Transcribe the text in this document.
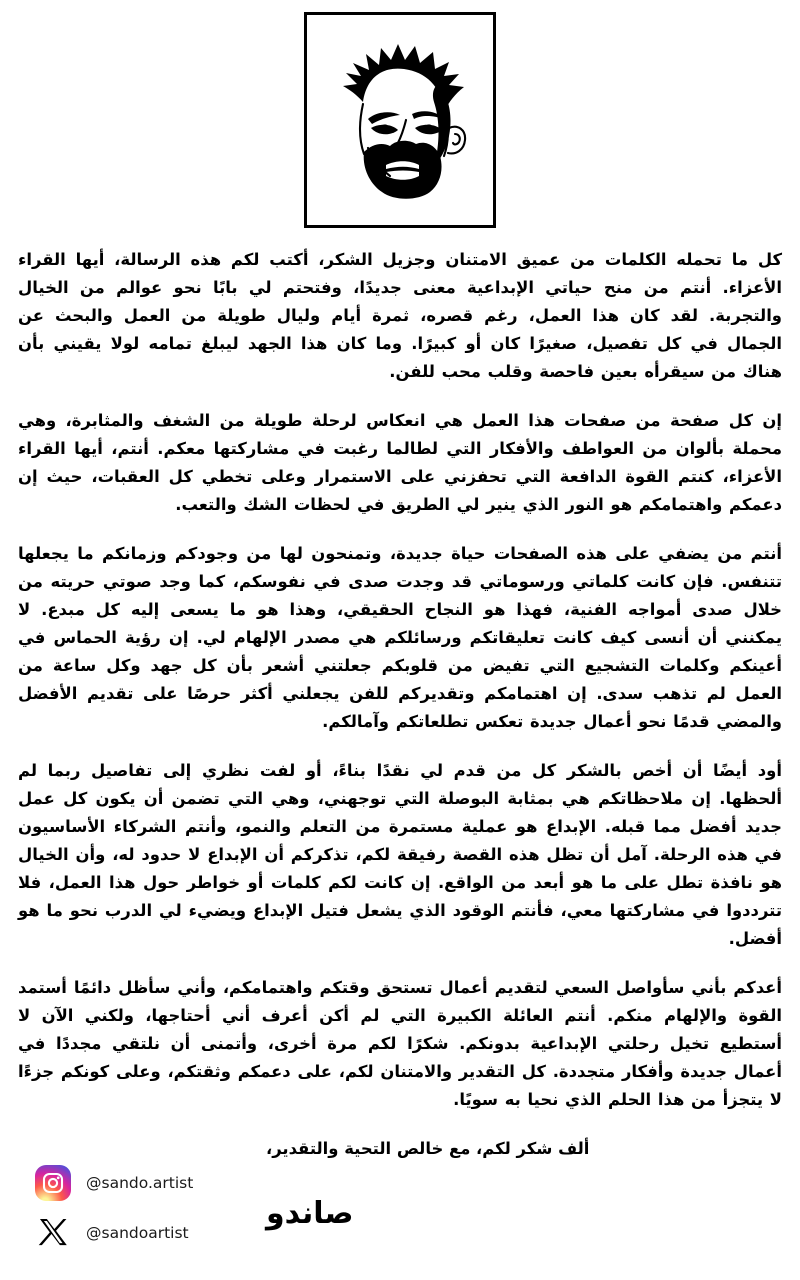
كل ما تحمله الكلمات من عميق الامتنان وجزيل الشكر، أكتب لكم هذه الرسالة، أيها القراء الأعزاء. أنتم من منح حياتي الإبداعية معنى جديدًا، وفتحتم لي بابًا نحو عوالم من الخيال والتجربة. لقد كان هذا العمل، رغم قصره، ثمرة أيام وليال طويلة من العمل والبحث عن الجمال في كل تفصيل، صغيرًا كان أو كبيرًا. وما كان هذا الجهد ليبلغ تمامه لولا يقيني بأن هناك من سيقرأه بعين فاحصة وقلب محب للفن.

إن كل صفحة من صفحات هذا العمل هي انعكاس لرحلة طويلة من الشغف والمثابرة، وهي محملة بألوان من العواطف والأفكار التي لطالما رغبت في مشاركتها معكم. أنتم، أيها القراء الأعزاء، كنتم القوة الدافعة التي تحفزني على الاستمرار وعلى تخطي كل العقبات، حيث إن دعمكم واهتمامكم هو النور الذي ينير لي الطريق في لحظات الشك والتعب.

أنتم من يضفي على هذه الصفحات حياة جديدة، وتمنحون لها من وجودكم وزمانكم ما يجعلها تتنفس. فإن كانت كلماتي ورسوماتي قد وجدت صدى في نفوسكم، كما وجد صوتي حريته من خلال صدى أمواجه الفنية، فهذا هو النجاح الحقيقي، وهذا هو ما يسعى إليه كل مبدع. لا يمكنني أن أنسى كيف كانت تعليقاتكم ورسائلكم هي مصدر الإلهام لي. إن رؤية الحماس في أعينكم وكلمات التشجيع التي تفيض من قلوبكم جعلتني أشعر بأن كل جهد وكل ساعة من العمل لم تذهب سدى. إن اهتمامكم وتقديركم للفن يجعلني أكثر حرصًا على تقديم الأفضل والمضي قدمًا نحو أعمال جديدة تعكس تطلعاتكم وآمالكم.

أود أيضًا أن أخص بالشكر كل من قدم لي نقدًا بناءً، أو لفت نظري إلى تفاصيل ربما لم ألحظها. إن ملاحظاتكم هي بمثابة البوصلة التي توجهني، وهي التي تضمن أن يكون كل عمل جديد أفضل مما قبله. الإبداع هو عملية مستمرة من التعلم والنمو، وأنتم الشركاء الأساسيون في هذه الرحلة. آمل أن تظل هذه القصة رفيقة لكم، تذكركم أن الإبداع لا حدود له، وأن الخيال هو نافذة تطل على ما هو أبعد من الواقع. إن كانت لكم كلمات أو خواطر حول هذا العمل، فلا تترددوا في مشاركتها معي، فأنتم الوقود الذي يشعل فتيل الإبداع ويضيء لي الدرب نحو ما هو أفضل.

أعدكم بأني سأواصل السعي لتقديم أعمال تستحق وقتكم واهتمامكم، وأني سأظل دائمًا أستمد القوة والإلهام منكم. أنتم العائلة الكبيرة التي لم أكن أعرف أني أحتاجها، ولكني الآن لا أستطيع تخيل رحلتي الإبداعية بدونكم. شكرًا لكم مرة أخرى، وأتمنى أن نلتقي مجددًا في أعمال جديدة وأفكار متجددة. كل التقدير والامتنان لكم، على دعمكم وثقتكم، وعلى كونكم جزءًا لا يتجزأ من هذا الحلم الذي نحيا به سويًا.

ألف شكر لكم، مع خالص التحية والتقدير،
صاندو
@sando.artist
@sandoartist
